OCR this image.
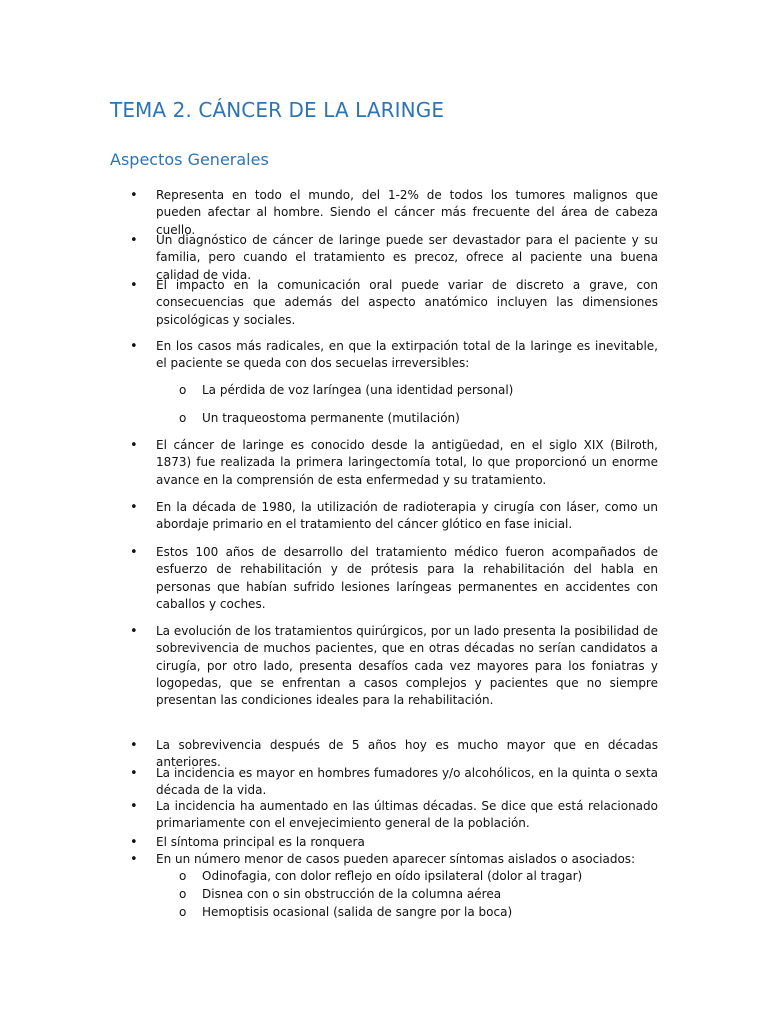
TEMA 2. CÁNCER DE LA LARINGE
Aspectos Generales
•	Representa en todo el mundo, del 1-2% de todos los tumores malignos que pueden afectar al hombre. Siendo el cáncer más frecuente del área de cabeza cuello.
•	Un diagnóstico de cáncer de laringe puede ser devastador para el paciente y su familia, pero cuando el tratamiento es precoz, ofrece al paciente una buena calidad de vida.
•	El impacto en la comunicación oral puede variar de discreto a grave, con consecuencias que además del aspecto anatómico incluyen las dimensiones psicológicas y sociales.
•	En los casos más radicales, en que la extirpación total de la laringe es inevitable, el paciente se queda con dos secuelas irreversibles:
o La pérdida de voz laríngea (una identidad personal)
o Un traqueostoma permanente (mutilación)
•	El cáncer de laringe es conocido desde la antigüedad, en el siglo XIX (Bilroth, 1873) fue realizada la primera laringectomía total, lo que proporcionó un enorme avance en la comprensión de esta enfermedad y su tratamiento.
•	En la década de 1980, la utilización de radioterapia y cirugía con láser, como un abordaje primario en el tratamiento del cáncer glótico en fase inicial.
•	Estos 100 años de desarrollo del tratamiento médico fueron acompañados de esfuerzo de rehabilitación y de prótesis para la rehabilitación del habla en personas que habían sufrido lesiones laríngeas permanentes en accidentes con caballos y coches.
•	La evolución de los tratamientos quirúrgicos, por un lado presenta la posibilidad de sobrevivencia de muchos pacientes, que en otras décadas no serían candidatos a cirugía, por otro lado, presenta desafíos cada vez mayores para los foniatras y logopedas, que se enfrentan a casos complejos y pacientes que no siempre presentan las condiciones ideales para la rehabilitación.
•	La sobrevivencia después de 5 años hoy es mucho mayor que en décadas anteriores.
•	La incidencia es mayor en hombres fumadores y/o alcohólicos, en la quinta o sexta década de la vida.
•	La incidencia ha aumentado en las últimas décadas. Se dice que está relacionado primariamente con el envejecimiento general de la población.
•	El síntoma principal es la ronquera
•	En un número menor de casos pueden aparecer síntomas aislados o asociados:
o Odinofagia, con dolor reflejo en oído ipsilateral (dolor al tragar)
o Disnea con o sin obstrucción de la columna aérea
o Hemoptisis ocasional (salida de sangre por la boca)
